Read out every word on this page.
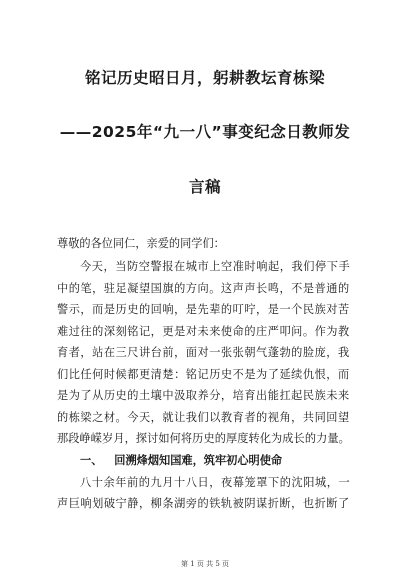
铭记历史昭日月，躬耕教坛育栋梁
——2025年“九一八”事变纪念日教师发
言稿
尊敬的各位同仁，亲爱的同学们：
今天，当防空警报在城市上空准时响起，我们停下手
中的笔，驻足凝望国旗的方向。这声声长鸣，不是普通的
警示，而是历史的回响，是先辈的叮咛，是一个民族对苦
难过往的深刻铭记，更是对未来使命的庄严叩问。作为教
育者，站在三尺讲台前，面对一张张朝气蓬勃的脸庞，我
们比任何时候都更清楚：铭记历史不是为了延续仇恨，而
是为了从历史的土壤中汲取养分，培育出能扛起民族未来
的栋梁之材。今天，就让我们以教育者的视角，共同回望
那段峥嵘岁月，探讨如何将历史的厚度转化为成长的力量。
一、 回溯烽烟知国难，筑牢初心明使命
八十余年前的九月十八日，夜幕笼罩下的沈阳城，一
声巨响划破宁静，柳条湖旁的铁轨被阴谋折断，也折断了
第 1 页 共 5 页
